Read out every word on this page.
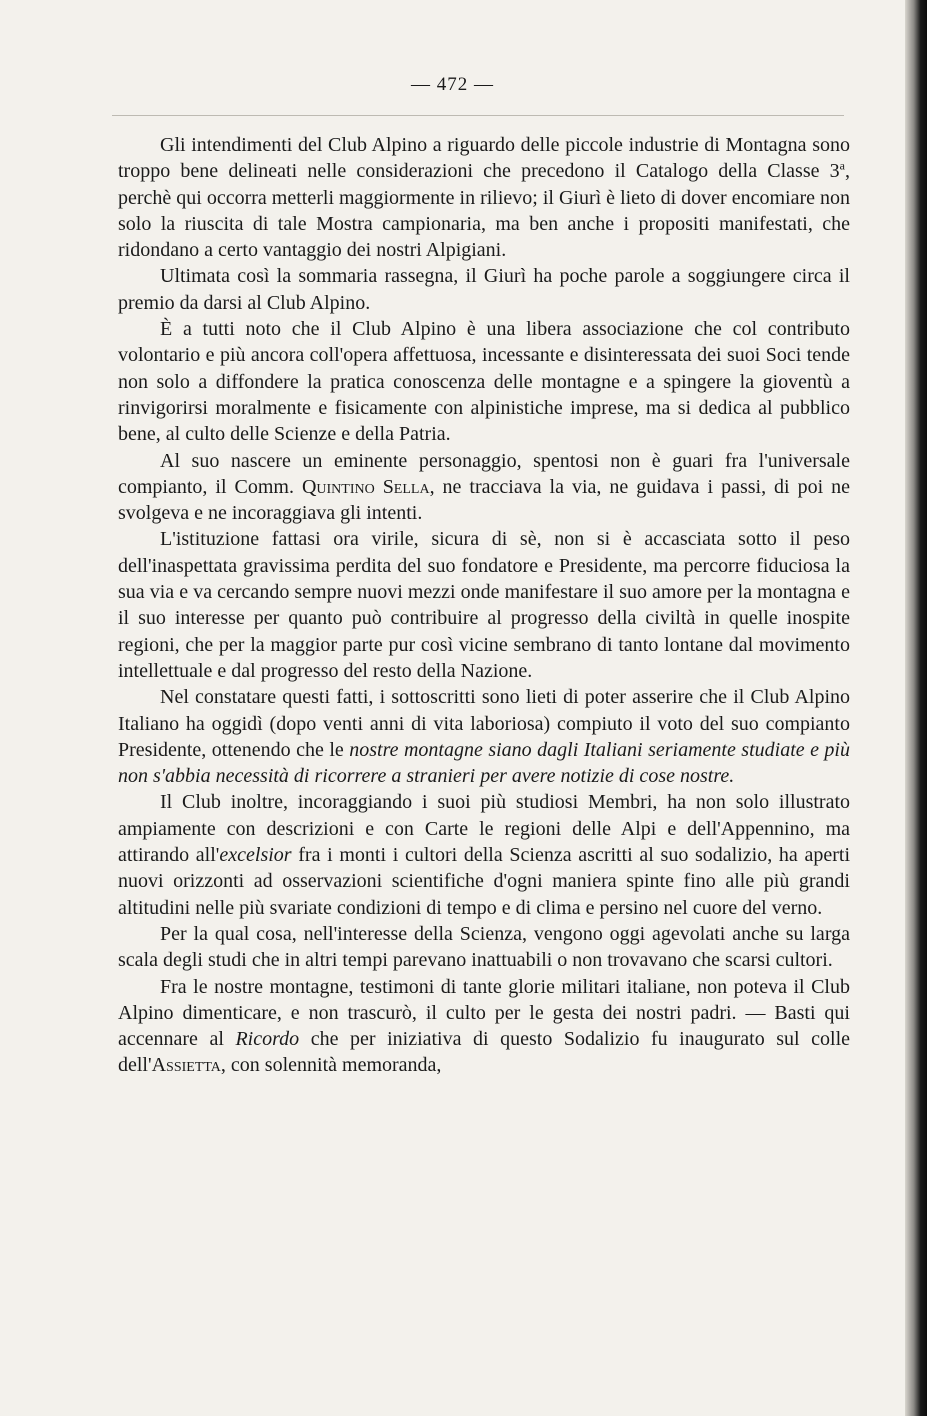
— 472 —

Gli intendimenti del Club Alpino a riguardo delle piccole industrie di Montagna sono troppo bene delineati nelle considerazioni che precedono il Catalogo della Classe 3$^a$, perchè qui occorra metterli maggiormente in rilievo; il Giurì è lieto di dover encomiare non solo la riuscita di tale Mostra campionaria, ma ben anche i propositi manifestati, che ridondano a certo vantaggio dei nostri Alpigiani.

Ultimata così la sommaria rassegna, il Giurì ha poche parole a soggiungere circa il premio da darsi al Club Alpino.

È a tutti noto che il Club Alpino è una libera associazione che col contributo volontario e più ancora coll'opera affettuosa, incessante e disinteressata dei suoi Soci tende non solo a diffondere la pratica conoscenza delle montagne e a spingere la gioventù a rinvigorirsi moralmente e fisicamente con alpinistiche imprese, ma si dedica al pubblico bene, al culto delle Scienze e della Patria.

Al suo nascere un eminente personaggio, spentosi non è guari fra l'universale compianto, il Comm. Quintino Sella, ne tracciava la via, ne guidava i passi, di poi ne svolgeva e ne incoraggiava gli intenti.

L'istituzione fattasi ora virile, sicura di sè, non si è accasciata sotto il peso dell'inaspettata gravissima perdita del suo fondatore e Presidente, ma percorre fiduciosa la sua via e va cercando sempre nuovi mezzi onde manifestare il suo amore per la montagna e il suo interesse per quanto può contribuire al progresso della civiltà in quelle inospite regioni, che per la maggior parte pur così vicine sembrano di tanto lontane dal movimento intellettuale e dal progresso del resto della Nazione.

Nel constatare questi fatti, i sottoscritti sono lieti di poter asserire che il Club Alpino Italiano ha oggidì (dopo venti anni di vita laboriosa) compiuto il voto del suo compianto Presidente, ottenendo che le nostre montagne siano dagli Italiani seriamente studiate e più non s'abbia necessità di ricorrere a stranieri per avere notizie di cose nostre.

Il Club inoltre, incoraggiando i suoi più studiosi Membri, ha non solo illustrato ampiamente con descrizioni e con Carte le regioni delle Alpi e dell'Appennino, ma attirando all'excelsior fra i monti i cultori della Scienza ascritti al suo sodalizio, ha aperti nuovi orizzonti ad osservazioni scientifiche d'ogni maniera spinte fino alle più grandi altitudini nelle più svariate condizioni di tempo e di clima e persino nel cuore del verno.

Per la qual cosa, nell'interesse della Scienza, vengono oggi agevolati anche su larga scala degli studi che in altri tempi parevano inattuabili o non trovavano che scarsi cultori.

Fra le nostre montagne, testimoni di tante glorie militari italiane, non poteva il Club Alpino dimenticare, e non trascurò, il culto per le gesta dei nostri padri. — Basti qui accennare al Ricordo che per iniziativa di questo Sodalizio fu inaugurato sul colle dell'Assietta, con solennità memoranda,
